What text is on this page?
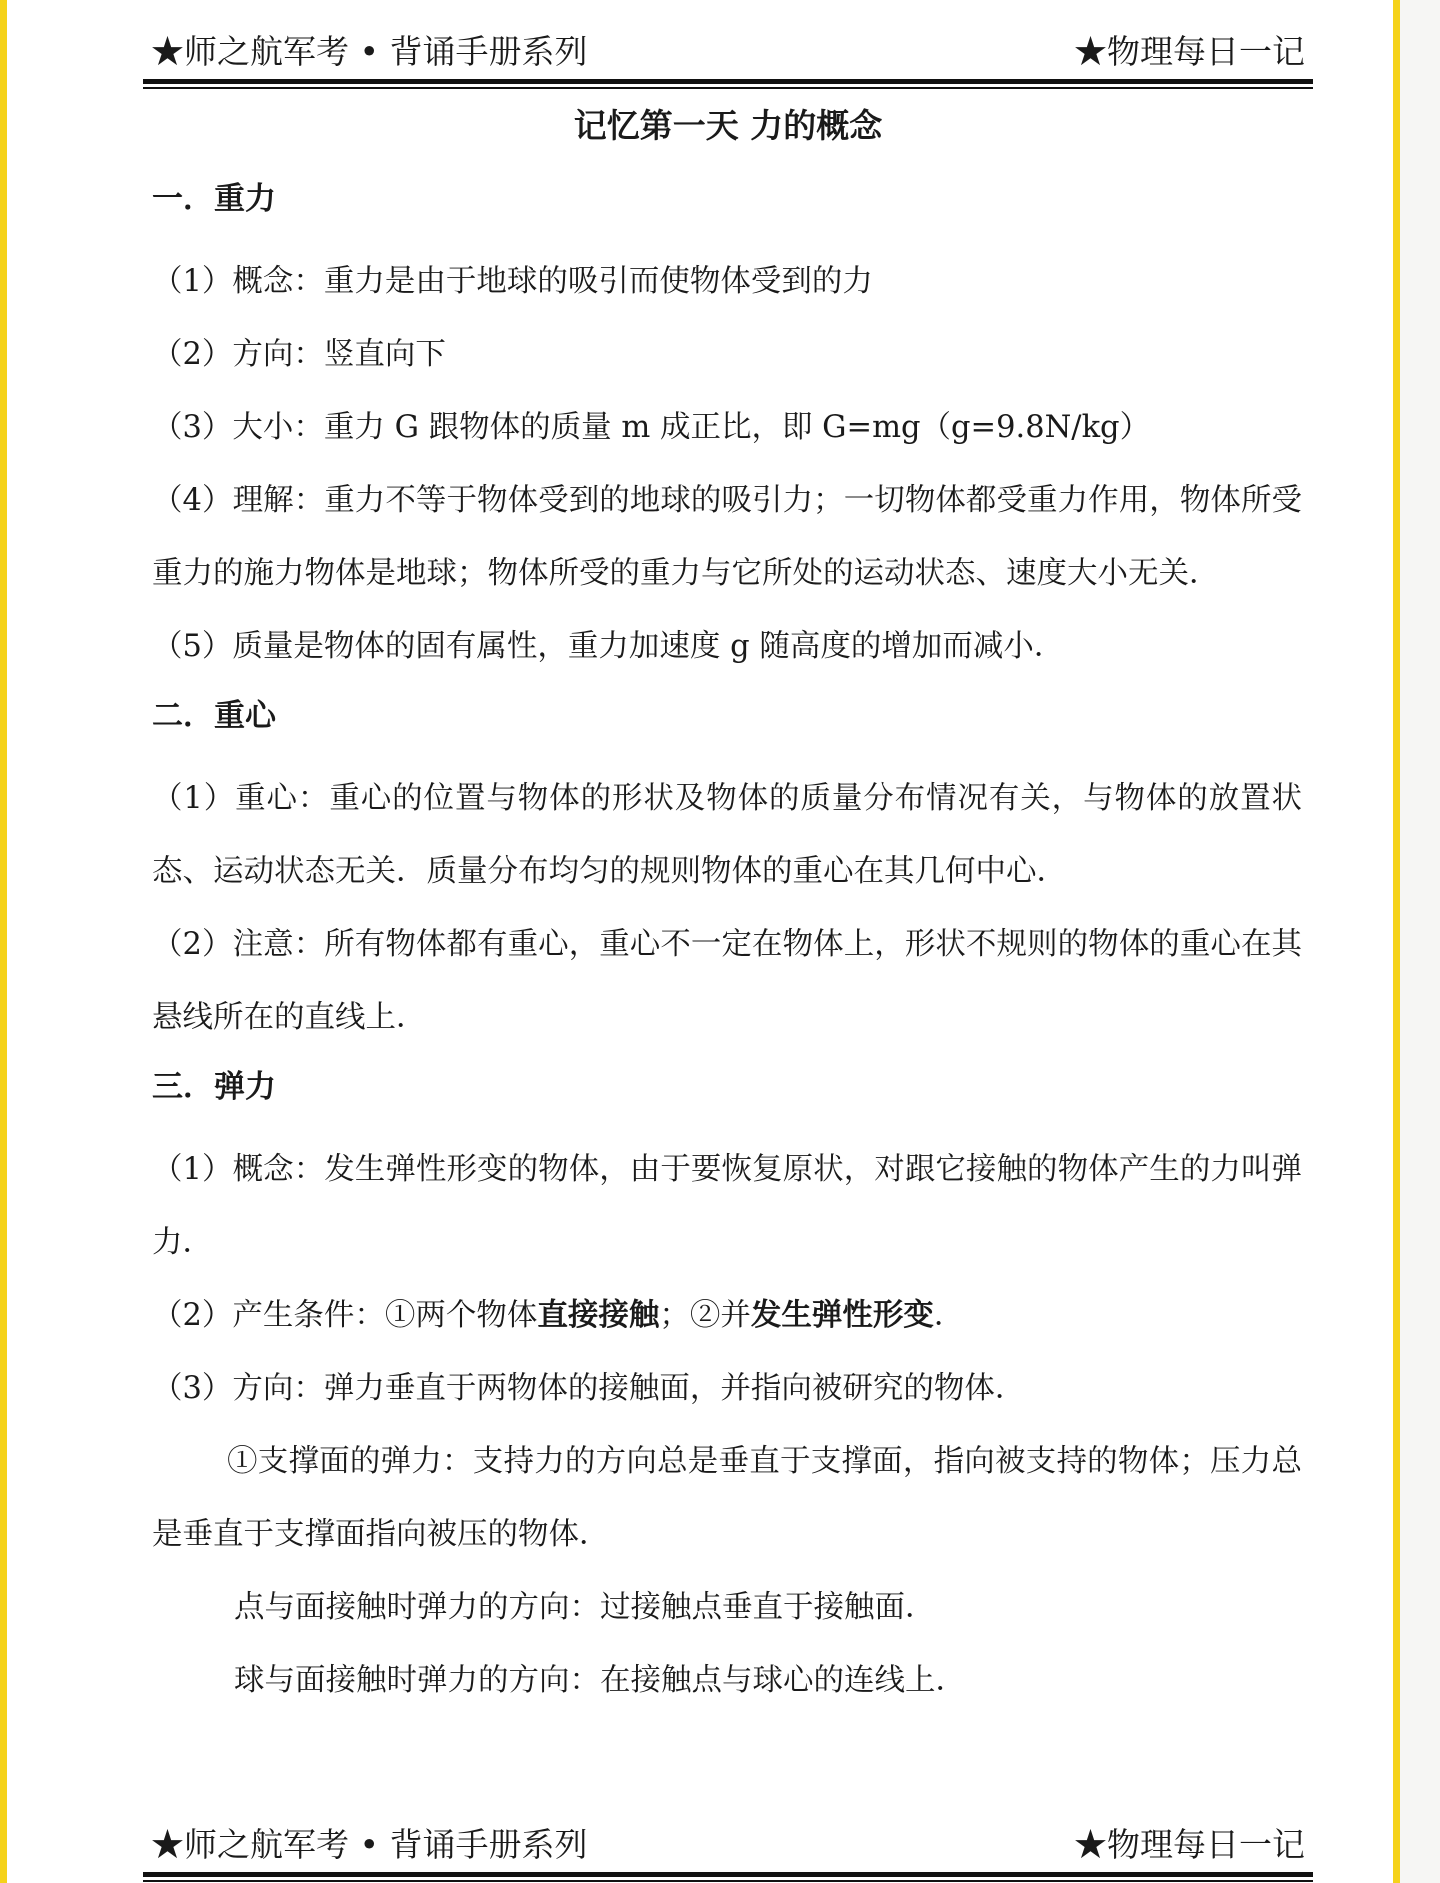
★师之航军考 • 背诵手册系列	★物理每日一记
记忆第一天 力的概念
一．重力

（1）概念：重力是由于地球的吸引而使物体受到的力

（2）方向：竖直向下

（3）大小：重力 G 跟物体的质量 m 成正比，即 G=mg（g=9.8N/kg）

（4）理解：重力不等于物体受到的地球的吸引力；一切物体都受重力作用，物体所受重力的施力物体是地球；物体所受的重力与它所处的运动状态、速度大小无关．

（5）质量是物体的固有属性，重力加速度 g 随高度的增加而减小．

二．重心

（1）重心：重心的位置与物体的形状及物体的质量分布情况有关，与物体的放置状态、运动状态无关．质量分布均匀的规则物体的重心在其几何中心．

（2）注意：所有物体都有重心，重心不一定在物体上，形状不规则的物体的重心在其悬线所在的直线上．

三．弹力

（1）概念：发生弹性形变的物体，由于要恢复原状，对跟它接触的物体产生的力叫弹力．

（2）产生条件：①两个物体直接接触；②并发生弹性形变．

（3）方向：弹力垂直于两物体的接触面，并指向被研究的物体．

①支撑面的弹力：支持力的方向总是垂直于支撑面，指向被支持的物体；压力总是垂直于支撑面指向被压的物体．

点与面接触时弹力的方向：过接触点垂直于接触面．

球与面接触时弹力的方向：在接触点与球心的连线上．

★师之航军考 • 背诵手册系列	★物理每日一记
